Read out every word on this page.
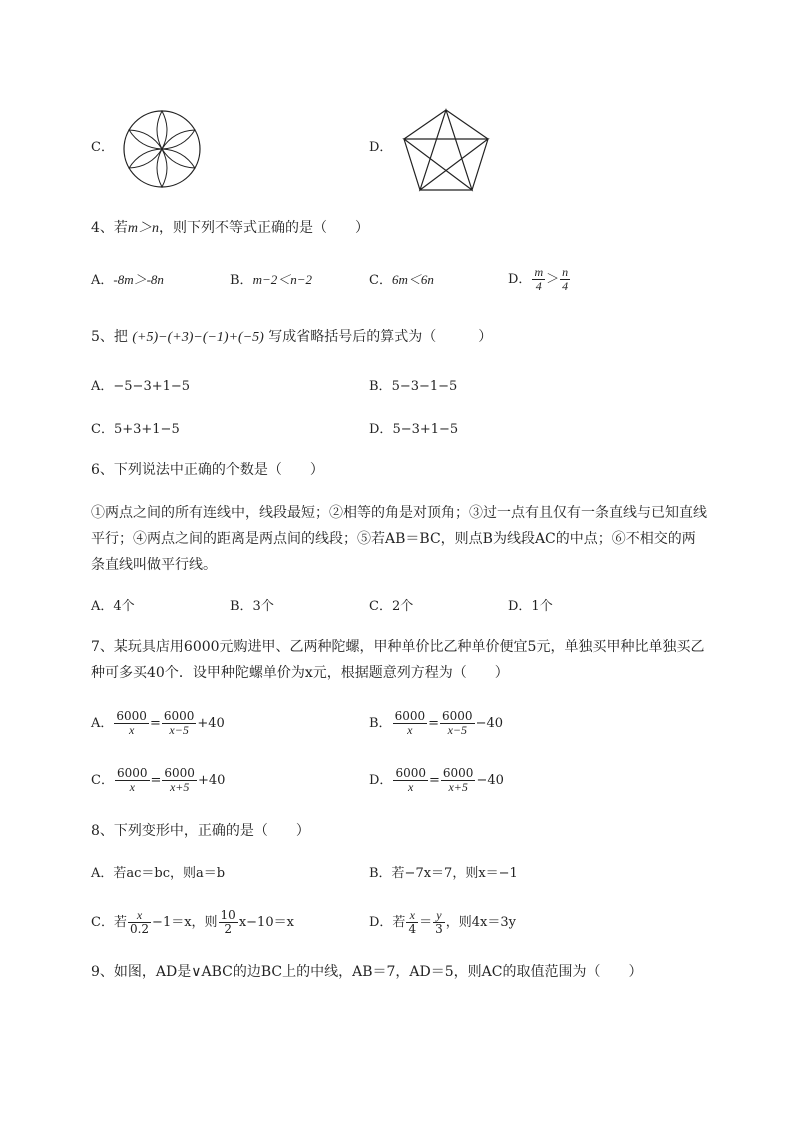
C．	D．
4、若m＞n，则下列不等式正确的是（　　）
A．-8m＞-8n	B．m−2＜n−2	C．6m＜6n	D． $\frac{m}{4} > \frac{n}{4}$
5、把 (+5)−(+3)−(−1)+(−5) 写成省略括号后的算式为（　　　）
A．−5−3+1−5	B．5−3−1−5
C．5+3+1−5	D．5−3+1−5
6、下列说法中正确的个数是（　　）
①两点之间的所有连线中，线段最短；②相等的角是对顶角；③过一点有且仅有一条直线与已知直线
平行；④两点之间的距离是两点间的线段；⑤若AB＝BC，则点B为线段AC的中点；⑥不相交的两
条直线叫做平行线。
A．4个	B．3个	C．2个	D．1个
7、某玩具店用6000元购进甲、乙两种陀螺，甲种单价比乙种单价便宜5元，单独买甲种比单独买乙
种可多买40个．设甲种陀螺单价为x元，根据题意列方程为（　　）
A． $\frac{6000}{x} = \frac{6000}{x-5} +40$	B． $\frac{6000}{x} = \frac{6000}{x-5} -40$
C． $\frac{6000}{x} = \frac{6000}{x+5} +40$	D． $\frac{6000}{x} = \frac{6000}{x+5} -40$
8、下列变形中，正确的是（　　）
A．若ac＝bc，则a＝b	B．若−7x＝7，则x＝−1
C．若 $\frac{x}{0.2} -1=x$，则 $\frac{10}{2} x-10=x$	D．若 $\frac{x}{4} = \frac{y}{3}$ ，则4x＝3y
9、如图，AD是∨ABC的边BC上的中线，AB＝7，AD＝5，则AC的取值范围为（　　）
